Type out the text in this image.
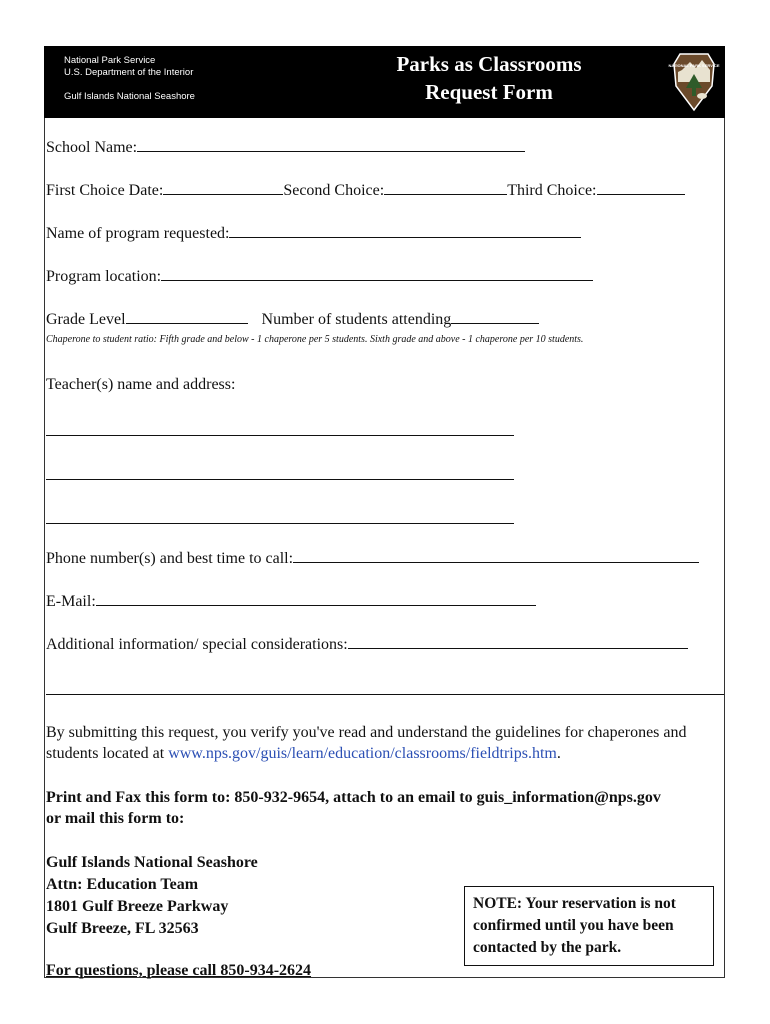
National Park Service
U.S. Department of the Interior
Gulf Islands National Seashore
Parks as Classrooms
Request Form
NATIONAL PARK SERVICE
School Name:
First Choice Date:	Second Choice:	Third Choice:
Name of program requested:
Program location:
Grade Level	Number of students attending
Chaperone to student ratio: Fifth grade and below - 1 chaperone per 5 students. Sixth grade and above - 1 chaperone per 10 students.
Teacher(s) name and address:
Phone number(s) and best time to call:
E-Mail:
Additional information/ special considerations:
By submitting this request, you verify you've read and understand the guidelines for chaperones and students located at www.nps.gov/guis/learn/education/classrooms/fieldtrips.htm.
Print and Fax this form to: 850-932-9654, attach to an email to guis_information@nps.gov
or mail this form to:
Gulf Islands National Seashore
Attn: Education Team
1801 Gulf Breeze Parkway
Gulf Breeze, FL 32563
For questions, please call 850-934-2624
NOTE: Your reservation is not
confirmed until you have been
contacted by the park.
